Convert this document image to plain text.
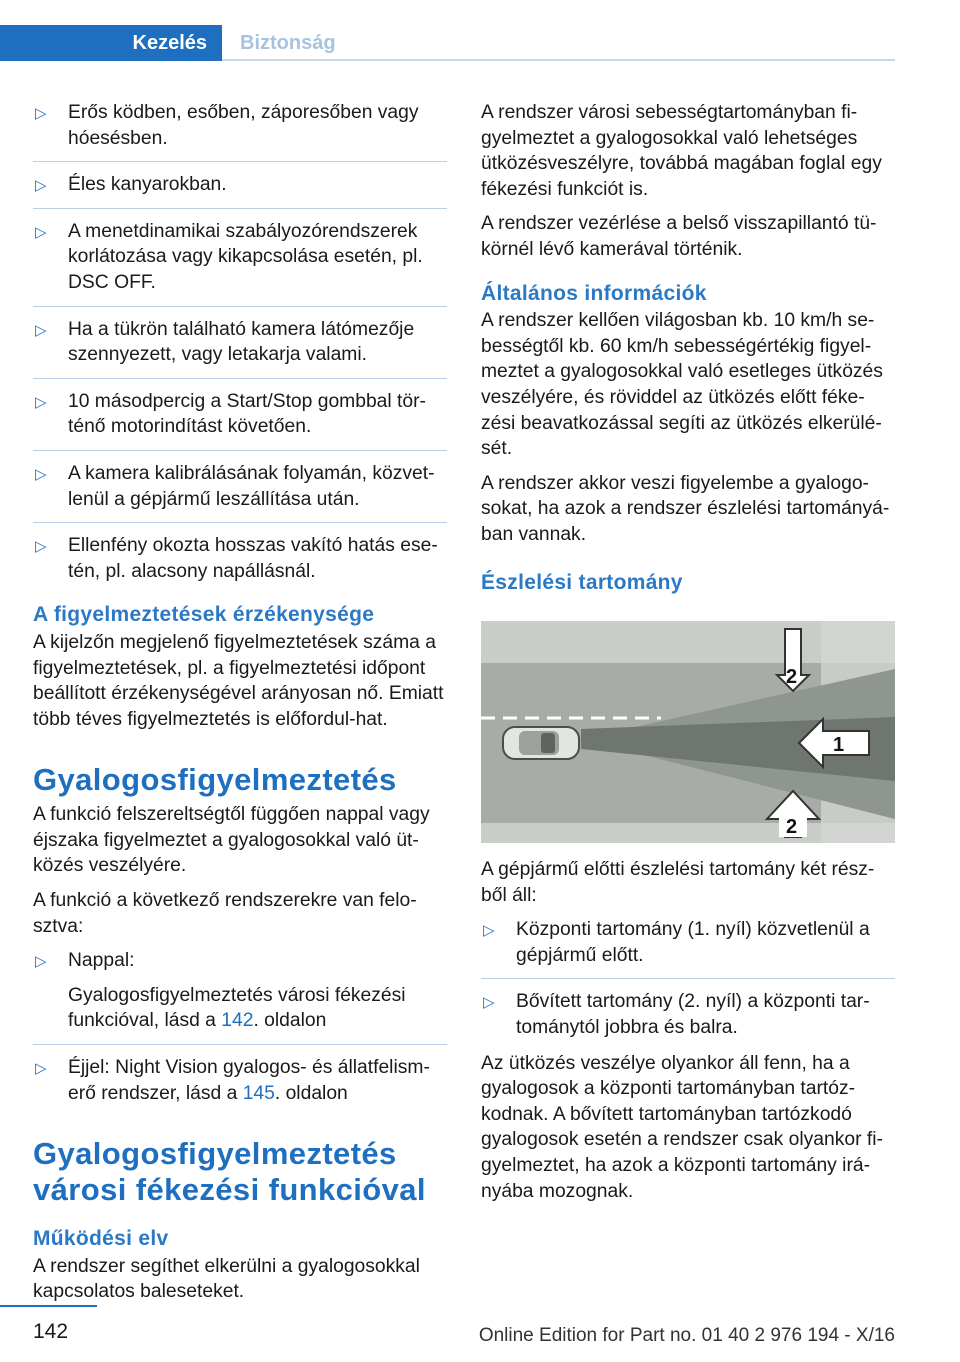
Kezelés	Biztonság
▷ Erős ködben, esőben, záporesőben vagy hóesésben.
▷ Éles kanyarokban.
▷ A menetdinamikai szabályozórendszerek korlátozása vagy kikapcsolása esetén, pl. DSC OFF.
▷ Ha a tükrön található kamera látómezője szennyezett, vagy letakarja valami.
▷ 10 másodpercig a Start/Stop gombbal tör-ténő motorindítást követően.
▷ A kamera kalibrálásának folyamán, közvet-lenül a gépjármű leszállítása után.
▷ Ellenfény okozta hosszas vakító hatás ese-tén, pl. alacsony napállásnál.
A figyelmeztetések érzékenysége

A kijelzőn megjelenő figyelmeztetések száma a figyelmeztetések, pl. a figyelmeztetési időpont beállított érzékenységével arányosan nő. Emiatt több téves figyelmeztetés is előfordul-hat.

Gyalogosfigyelmeztetés

A funkció felszereltségtől függően nappal vagy éjszaka figyelmeztet a gyalogosokkal való üt-közés veszélyére.

A funkció a következő rendszerekre van felo-sztva:

▷ Nappal:
Gyalogosfigyelmeztetés városi fékezési funkcióval, lásd a 142. oldalon
▷ Éjjel: Night Vision gyalogos- és állatfelism-erő rendszer, lásd a 145. oldalon
Gyalogosfigyelmeztetés városi fékezési funkcióval
Működési elv

A rendszer segíthet elkerülni a gyalogosokkal kapcsolatos baleseteket.

A rendszer városi sebességtartományban fi-gyelmeztet a gyalogosokkal való lehetséges ütközésveszélyre, továbbá magában foglal egy fékezési funkciót is.

A rendszer vezérlése a belső visszapillantó tü-körnél lévő kamerával történik.

Általános információk

A rendszer kellően világosban kb. 10 km/h se-bességtől kb. 60 km/h sebességértékig figyel-meztet a gyalogosokkal való esetleges ütközés veszélyére, és röviddel az ütközés előtt féke-zési beavatkozással segíti az ütközés elkerülé-sét.

A rendszer akkor veszi figyelembe a gyalogo-sokat, ha azok a rendszer észlelési tartományá-ban vannak.

Észlelési tartomány
1
2
2

A gépjármű előtti észlelési tartomány két rész-ből áll:

▷ Központi tartomány (1. nyíl) közvetlenül a gépjármű előtt.
▷ Bővített tartomány (2. nyíl) a központi tar-tománytól jobbra és balra.

Az ütközés veszélye olyankor áll fenn, ha a gyalogosok a központi tartományban tartóz-kodnak. A bővített tartományban tartózkodó gyalogosok esetén a rendszer csak olyankor fi-gyelmeztet, ha azok a központi tartomány irá-nyába mozognak.

142	Online Edition for Part no. 01 40 2 976 194 - X/16
